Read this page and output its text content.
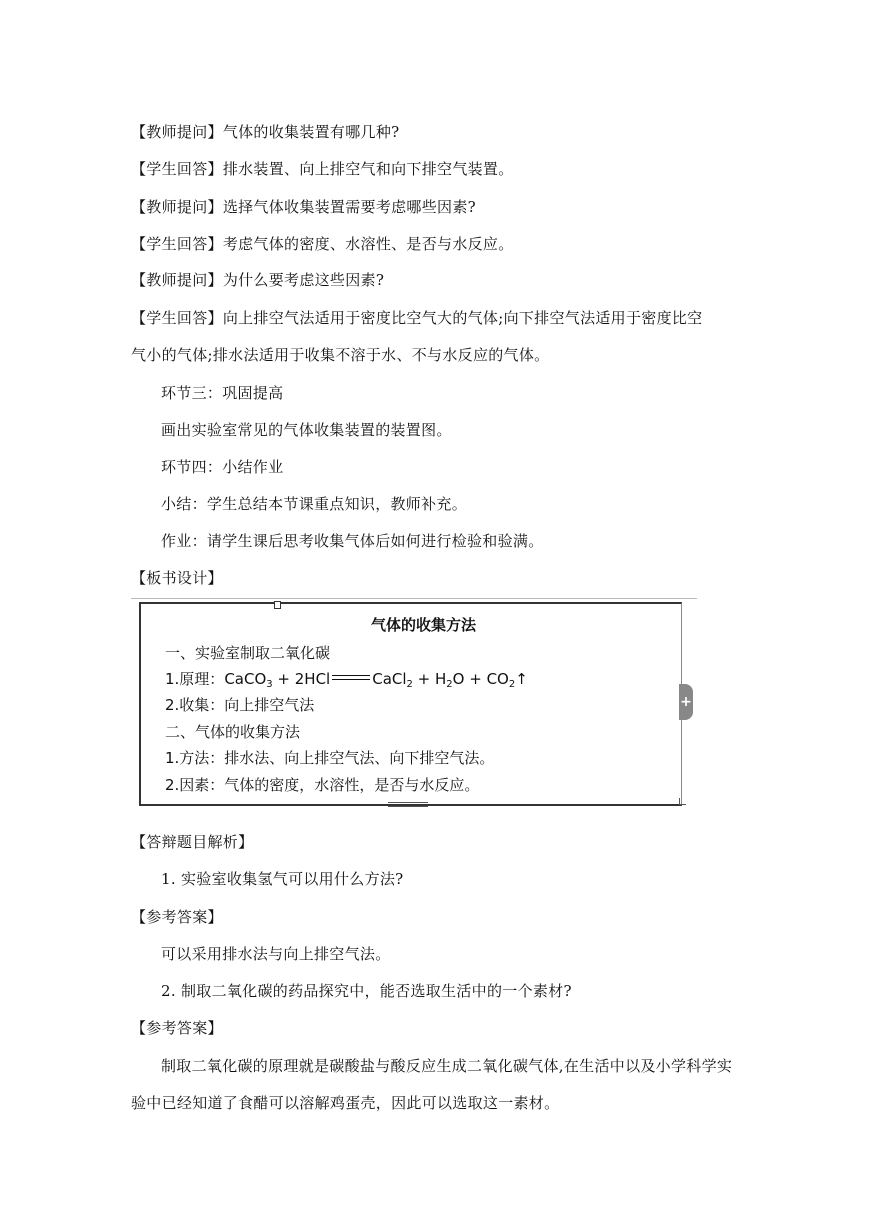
【教师提问】气体的收集装置有哪几种?
【学生回答】排水装置、向上排空气和向下排空气装置。
【教师提问】选择气体收集装置需要考虑哪些因素?
【学生回答】考虑气体的密度、水溶性、是否与水反应。
【教师提问】为什么要考虑这些因素?
【学生回答】向上排空气法适用于密度比空气大的气体;向下排空气法适用于密度比空
气小的气体;排水法适用于收集不溶于水、不与水反应的气体。
环节三：巩固提高
画出实验室常见的气体收集装置的装置图。
环节四：小结作业
小结：学生总结本节课重点知识，教师补充。
作业：请学生课后思考收集气体后如何进行检验和验满。
【板书设计】
气体的收集方法
一、实验室制取二氧化碳
1.原理：CaCO$_3$ + 2HCl	CaCl$_2$ + $H_2O$ + $CO_2↑$
2.收集：向上排空气法
二、气体的收集方法
1.方法：排水法、向上排空气法、向下排空气法。
2.因素：气体的密度，水溶性，是否与水反应。
+
【答辩题目解析】
1. 实验室收集氢气可以用什么方法?
【参考答案】
可以采用排水法与向上排空气法。
2. 制取二氧化碳的药品探究中，能否选取生活中的一个素材?
【参考答案】
制取二氧化碳的原理就是碳酸盐与酸反应生成二氧化碳气体,在生活中以及小学科学实
验中已经知道了食醋可以溶解鸡蛋壳，因此可以选取这一素材。
